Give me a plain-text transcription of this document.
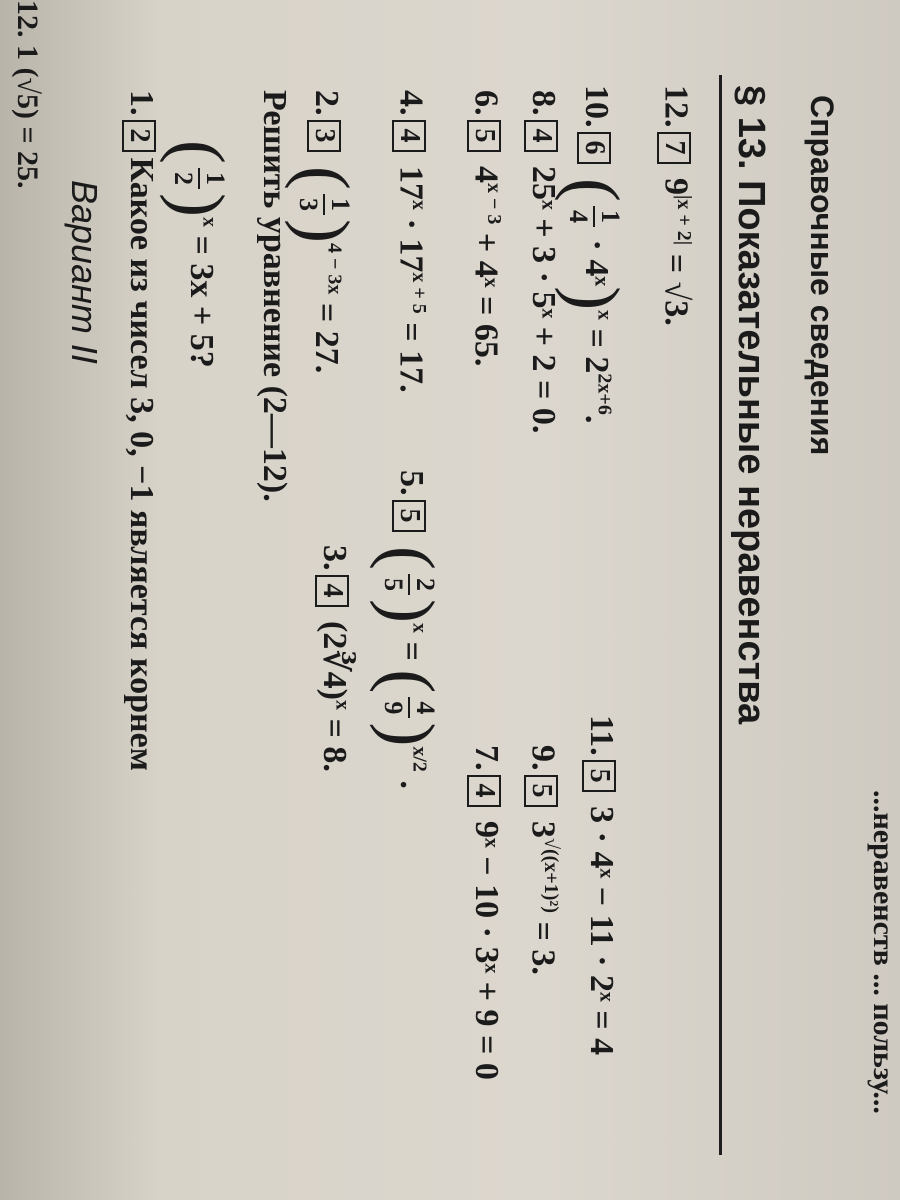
12. 1 (√5) = 25.
Вариант II
1.2Какое из чисел 3, 0, −1 является корнем
(
1
2
)$^x$ = 3x + 5?	Решить уравнение (2—12). 2.3 (
1
3
)$^{4 - 3x}$ = 27.
3.4 (2∛4)$^x$ = 8.
4.4 $17^x \cdot 17^{x + 5} = 17$.
5.5 (
2
5
)$^x$ = (
4
9
)$^{x/2}$ .
6.5 $4^{x - 3}$ + 4ˣ = 65.
7.4 9ˣ − 10 · 3ˣ + 9 = 0
8.4 25ˣ + 3 · 5ˣ + 2 = 0.
9.5 $3^{√((x+1)^2)} = 3$.
10.6 (
1
4
· 4ˣ)$^x$ = $2^{2x+6}$.
11.5 3 · 4ˣ − 11 · 2ˣ = 4
12.7 $9^{|x + 2|} = √3$. § 13. Показательные неравенства Справочные сведения
...неравенств ... пользу...
